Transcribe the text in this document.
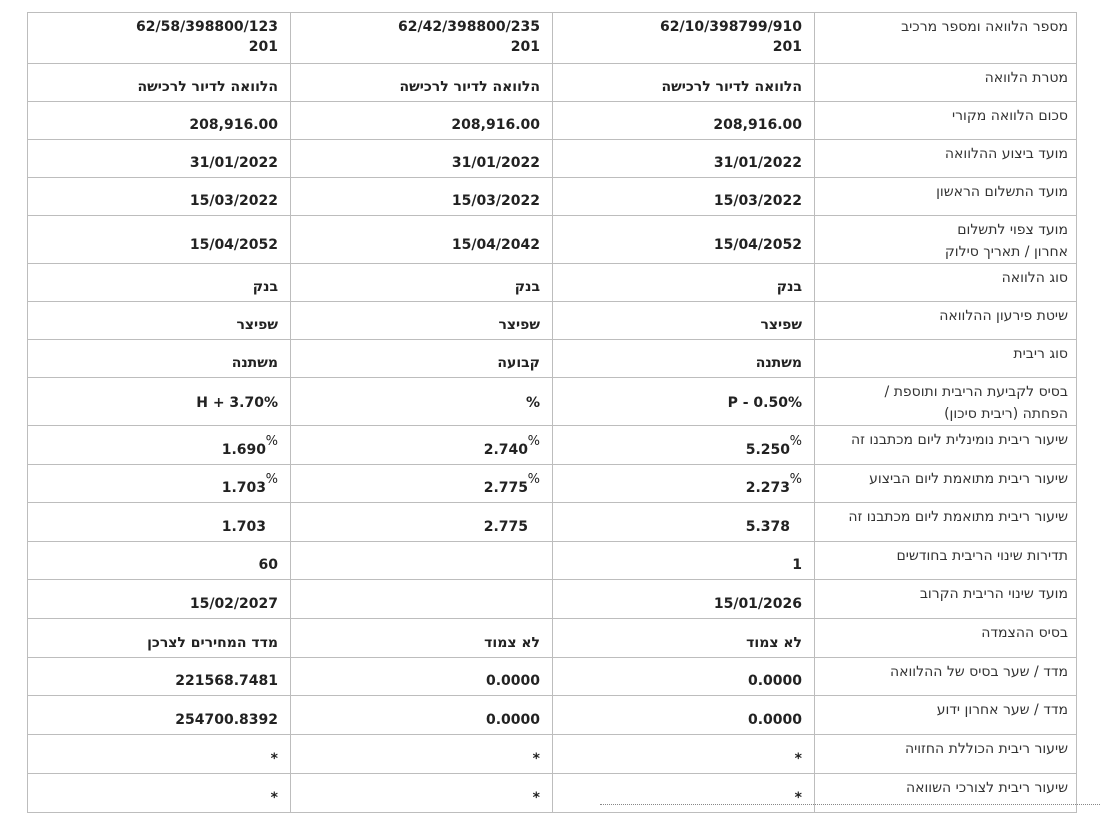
מספר הלוואה ומספר מרכיב
62/10/398799/910
201
62/42/398800/235
201
62/58/398800/123
201
מטרת הלוואה
הלוואה לדיור לרכישה
הלוואה לדיור לרכישה
הלוואה לדיור לרכישה
סכום הלוואה מקורי
208,916.00
208,916.00
208,916.00
מועד ביצוע ההלוואה
31/01/2022
31/01/2022
31/01/2022
מועד התשלום הראשון
15/03/2022
15/03/2022
15/03/2022
מועד צפוי לתשלום
אחרון / תאריך סילוק
15/04/2052
15/04/2042
15/04/2052
סוג הלוואה
בנק
בנק
בנק
שיטת פירעון ההלוואה
שפיצר
שפיצר
שפיצר
סוג ריבית
משתנה
קבועה
משתנה
בסיס לקביעת הריבית ותוספת /
הפחתה (ריבית סיכון)
P - 0.50%
%
H + 3.70%
שיעור ריבית נומינלית ליום מכתבנו זה
5.250
%
2.740
%
1.690
%
שיעור ריבית מתואמת ליום הביצוע
2.273
%
2.775
%
1.703
%
שיעור ריבית מתואמת ליום מכתבנו זה
5.378
2.775
1.703
תדירות שינוי הריבית בחודשים
1
60
מועד שינוי הריבית הקרוב
15/01/2026
15/02/2027
בסיס ההצמדה
לא צמוד
לא צמוד
מדד המחירים לצרכן
מדד / שער בסיס של ההלוואה
0.0000
0.0000
221568.7481
מדד / שער אחרון ידוע
0.0000
0.0000
254700.8392
שיעור ריבית הכוללת החזויה
*
*
*
שיעור ריבית לצורכי השוואה
*
*
*
